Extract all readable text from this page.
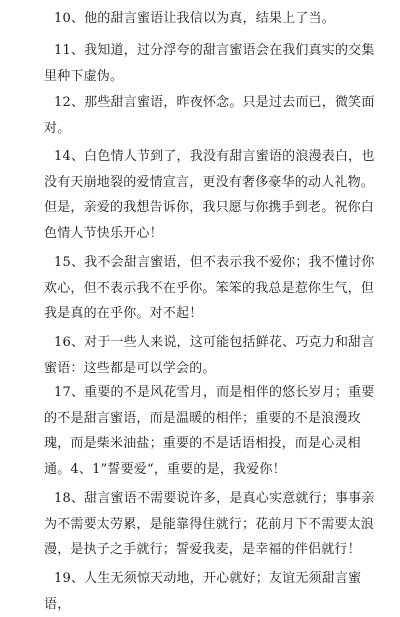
10、他的甜言蜜语让我信以为真，结果上了当。

11、我知道，过分浮夸的甜言蜜语会在我们真实的交集里种下虚伪。

12、那些甜言蜜语，昨夜怀念。只是过去而已，微笑面对。

14、白色情人节到了，我没有甜言蜜语的浪漫表白，也没有天崩地裂的爱情宣言，更没有奢侈豪华的动人礼物。但是，亲爱的我想告诉你，我只愿与你携手到老。祝你白色情人节快乐开心！

15、我不会甜言蜜语，但不表示我不爱你；我不懂讨你欢心，但不表示我不在乎你。笨笨的我总是惹你生气，但我是真的在乎你。对不起！

16、对于一些人来说，这可能包括鲜花、巧克力和甜言蜜语：这些都是可以学会的。

17、重要的不是风花雪月，而是相伴的悠长岁月；重要的不是甜言蜜语，而是温暖的相伴；重要的不是浪漫玫瑰，而是柴米油盐；重要的不是话语相投，而是心灵相通。4、1”誓要爱“，重要的是，我爱你！

18、甜言蜜语不需要说许多，是真心实意就行；事事亲为不需要太劳累，是能靠得住就行；花前月下不需要太浪漫，是执子之手就行；誓爱我麦，是幸福的伴侣就行！

19、人生无须惊天动地，开心就好；友谊无须甜言蜜语，
